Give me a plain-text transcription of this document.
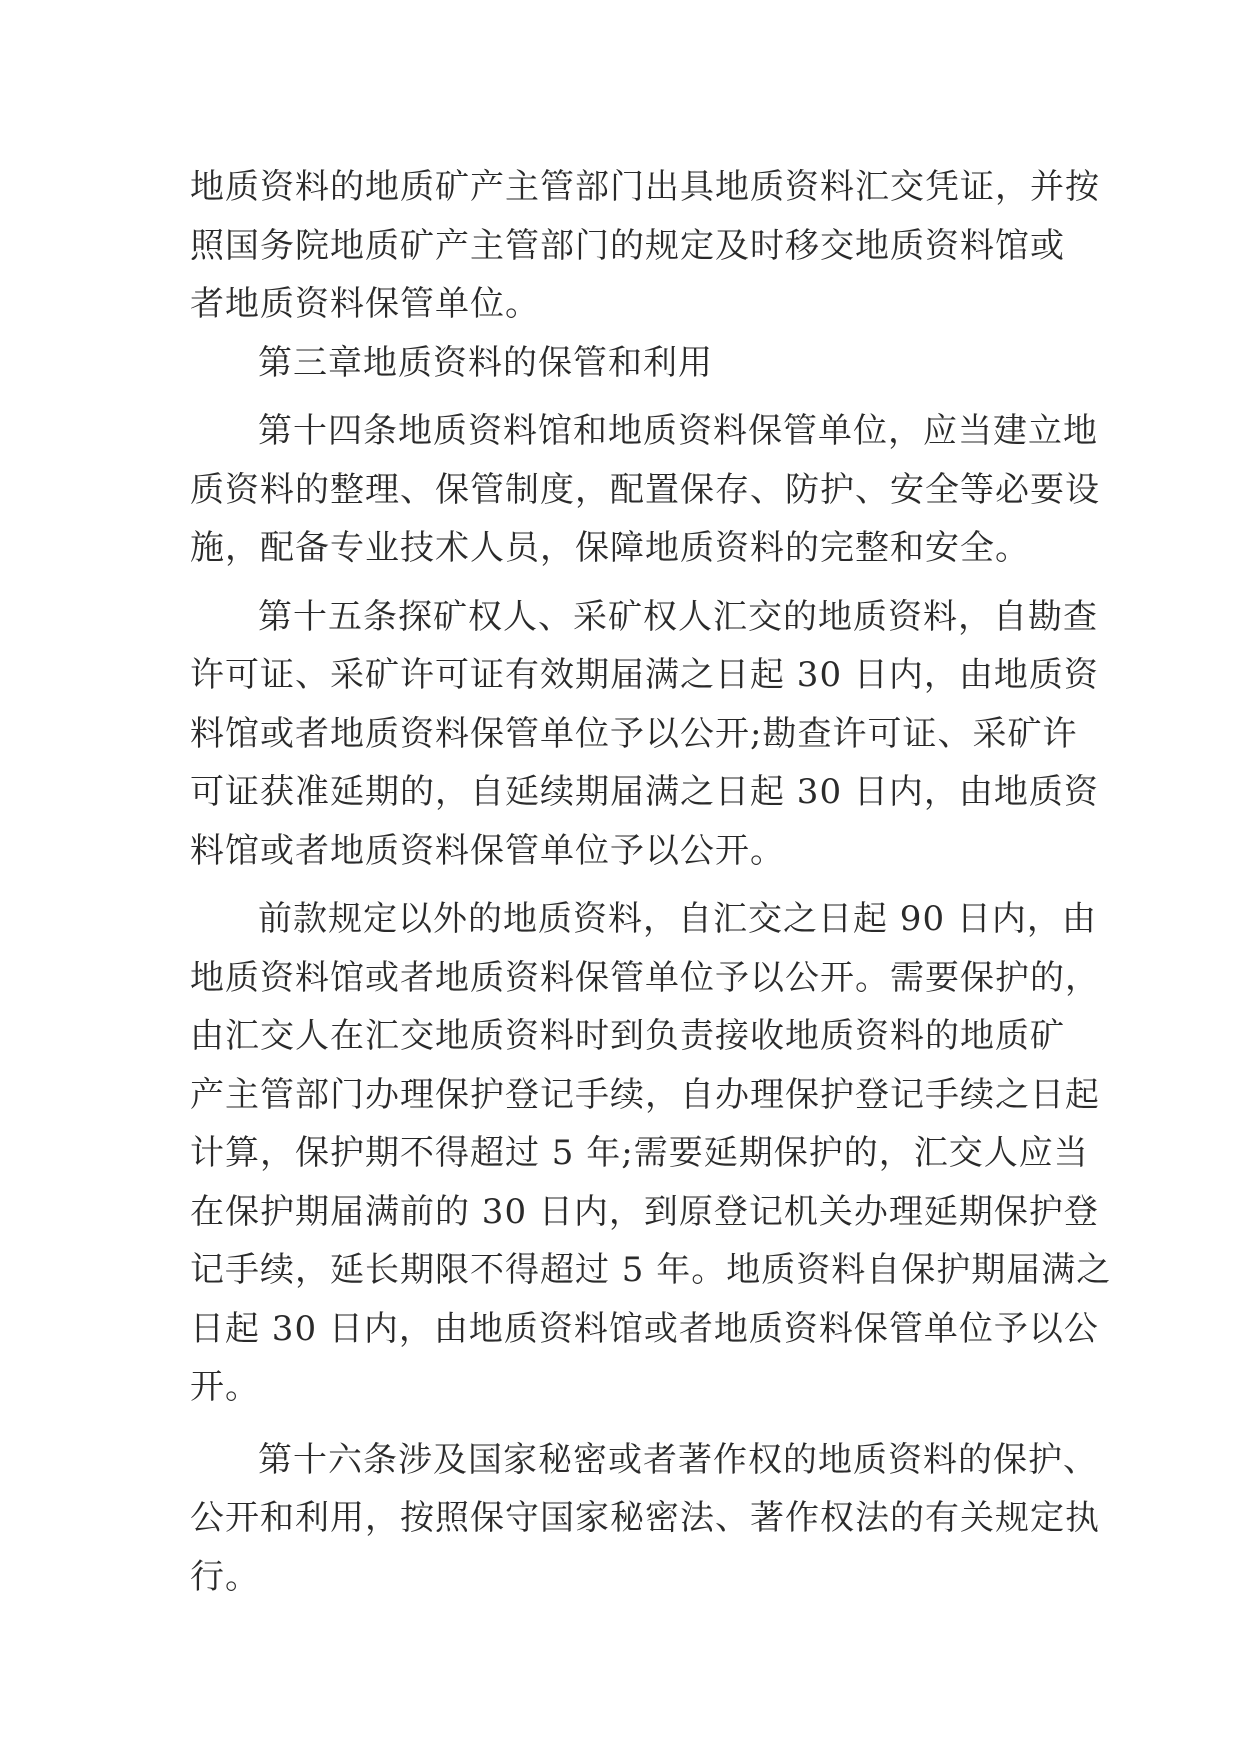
地质资料的地质矿产主管部门出具地质资料汇交凭证，并按
照国务院地质矿产主管部门的规定及时移交地质资料馆或
者地质资料保管单位。
第三章地质资料的保管和利用
第十四条地质资料馆和地质资料保管单位，应当建立地
质资料的整理、保管制度，配置保存、防护、安全等必要设
施，配备专业技术人员，保障地质资料的完整和安全。
第十五条探矿权人、采矿权人汇交的地质资料，自勘查
许可证、采矿许可证有效期届满之日起 30 日内，由地质资
料馆或者地质资料保管单位予以公开;勘查许可证、采矿许
可证获准延期的，自延续期届满之日起 30 日内，由地质资
料馆或者地质资料保管单位予以公开。
前款规定以外的地质资料，自汇交之日起 90 日内，由
地质资料馆或者地质资料保管单位予以公开。需要保护的，
由汇交人在汇交地质资料时到负责接收地质资料的地质矿
产主管部门办理保护登记手续，自办理保护登记手续之日起
计算，保护期不得超过 5 年;需要延期保护的，汇交人应当
在保护期届满前的 30 日内，到原登记机关办理延期保护登
记手续，延长期限不得超过 5 年。地质资料自保护期届满之
日起 30 日内，由地质资料馆或者地质资料保管单位予以公
开。
第十六条涉及国家秘密或者著作权的地质资料的保护、
公开和利用，按照保守国家秘密法、著作权法的有关规定执
行。
